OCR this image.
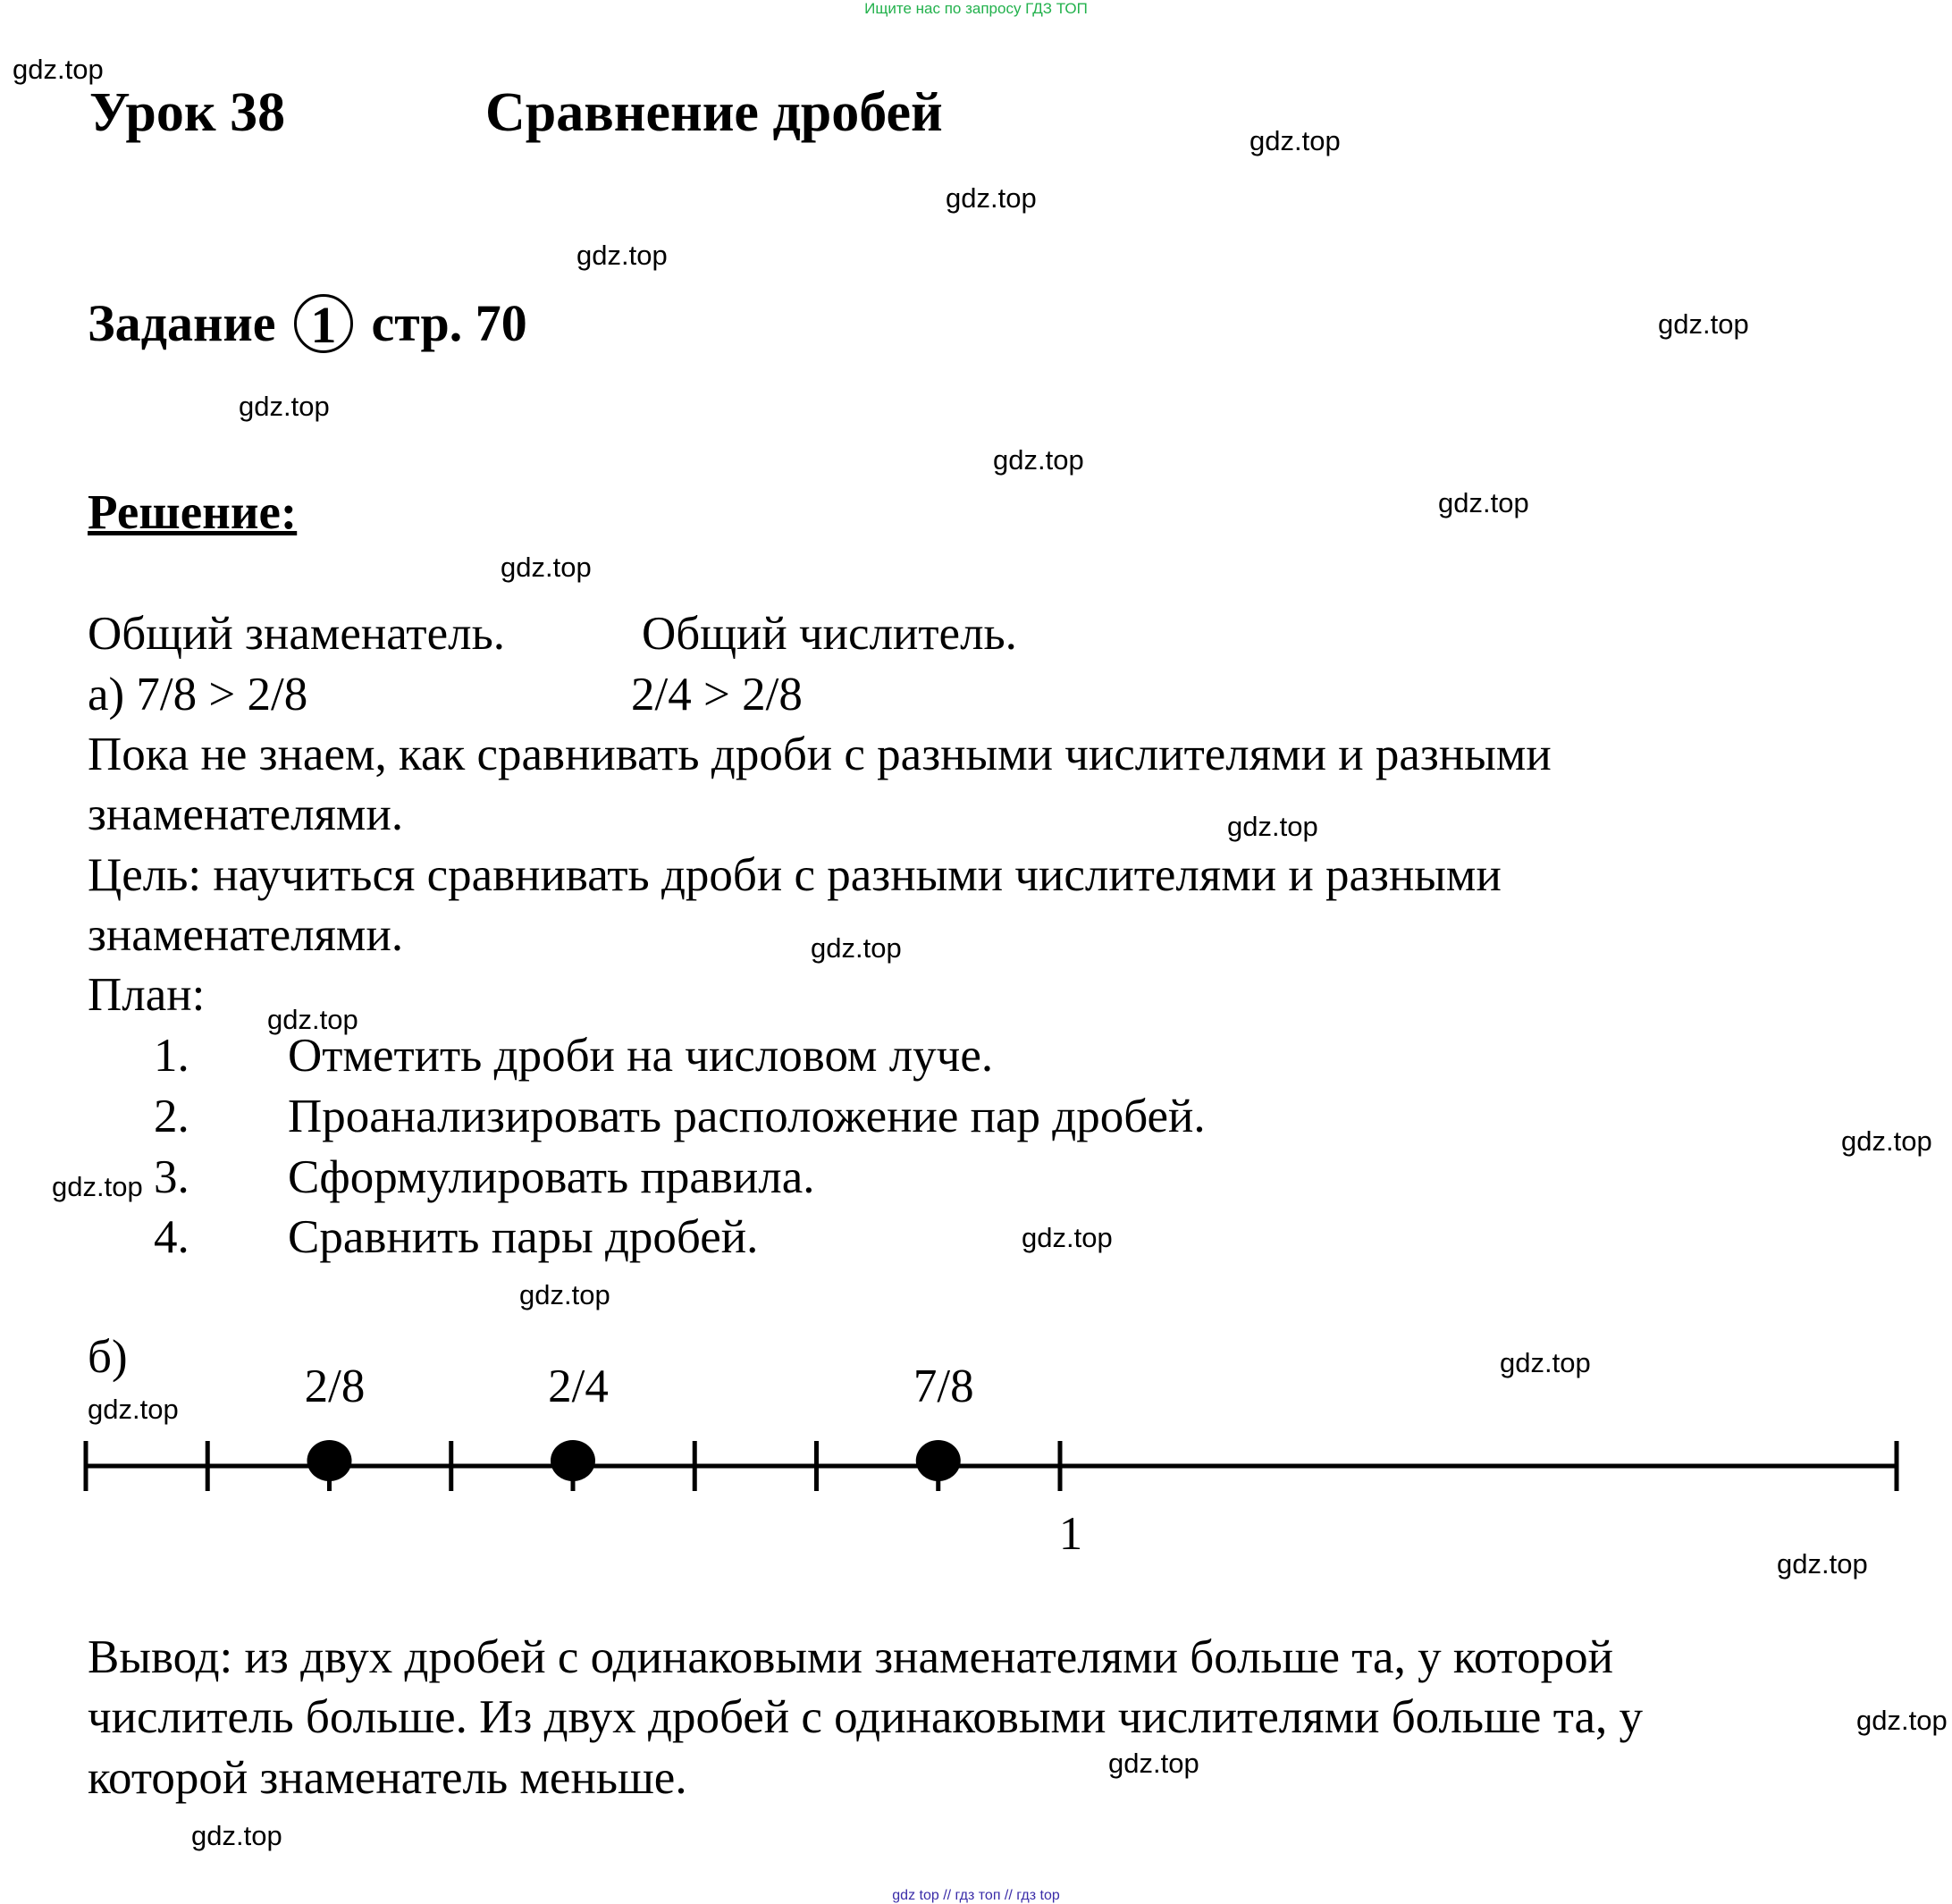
Ищите нас по запросу ГДЗ ТОП
Урок 38	Сравнение дробей
Задание 1 стр. 70
Решение:
Общий знаменатель.	Общий числитель.
а) 7/8 > 2/8	2/4 > 2/8
Пока не знаем, как сравнивать дроби с разными числителями и разными
знаменателями.
Цель: научиться сравнивать дроби с разными числителями и разными
знаменателями.
План:
1. Отметить дроби на числовом луче.
2. Проанализировать расположение пар дробей.
3. Сформулировать правила.
4. Сравнить пары дробей.
б)
2/8	2/4	7/8
1
Вывод: из двух дробей с одинаковыми знаменателями больше та, у которой
числитель больше. Из двух дробей с одинаковыми числителями больше та, у
которой знаменатель меньше.
gdz.top
gdz.top
gdz.top
gdz.top
gdz.top
gdz.top
gdz.top
gdz.top
gdz.top
gdz.top
gdz.top
gdz.top
gdz.top
gdz.top
gdz.top
gdz.top
gdz.top
gdz.top
gdz.top
gdz.top
gdz.top
gdz.top
gdz top // гдз топ // гдз top
